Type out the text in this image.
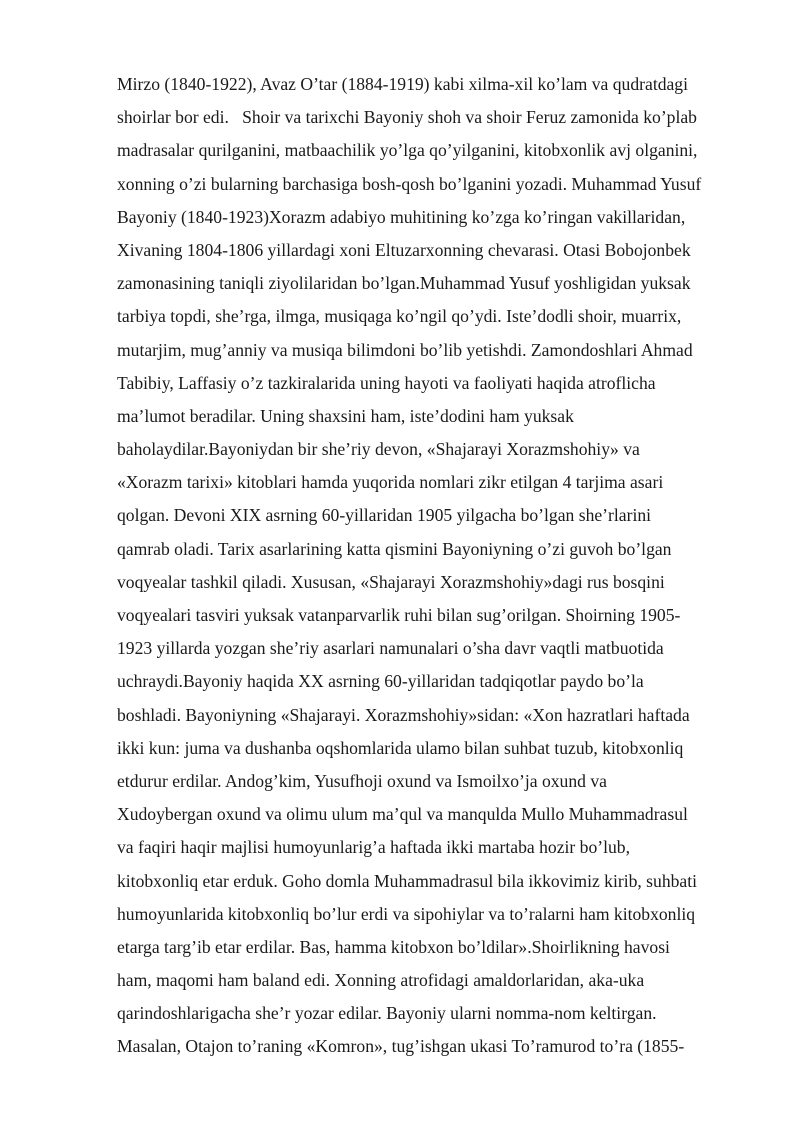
Mirzo (1840-1922), Avaz O’tar (1884-1919) kabi xilma-xil ko’lam va qudratdagi
shoirlar bor edi.   Shoir va tarixchi Bayoniy shoh va shoir Feruz zamonida ko’plab
madrasalar qurilganini, matbaachilik yo’lga qo’yilganini, kitobxonlik avj olganini,
xonning o’zi bularning barchasiga bosh-qosh bo’lganini yozadi. Muhammad Yusuf
Bayoniy (1840-1923)Xorazm adabiyo muhitining ko’zga ko’ringan vakillaridan,
Xivaning 1804-1806 yillardagi xoni Eltuzarxonning chevarasi. Otasi Bobojonbek
zamonasining taniqli ziyolilaridan bo’lgan.Muhammad Yusuf yoshligidan yuksak
tarbiya topdi, she’rga, ilmga, musiqaga ko’ngil qo’ydi. Iste’dodli shoir, muarrix,
mutarjim, mug’anniy va musiqa bilimdoni bo’lib yetishdi. Zamondoshlari Ahmad
Tabibiy, Laffasiy o’z tazkiralarida uning hayoti va faoliyati haqida atroflicha
ma’lumot beradilar. Uning shaxsini ham, iste’dodini ham yuksak
baholaydilar.Bayoniydan bir she’riy devon, «Shajarayi Xorazmshohiy» va
«Xorazm tarixi» kitoblari hamda yuqorida nomlari zikr etilgan 4 tarjima asari
qolgan. Devoni XIX asrning 60-yillaridan 1905 yilgacha bo’lgan she’rlarini
qamrab oladi. Tarix asarlarining katta qismini Bayoniyning o’zi guvoh bo’lgan
voqyealar tashkil qiladi. Xususan, «Shajarayi Xorazmshohiy»dagi rus bosqini
voqyealari tasviri yuksak vatanparvarlik ruhi bilan sug’orilgan. Shoirning 1905-
1923 yillarda yozgan she’riy asarlari namunalari o’sha davr vaqtli matbuotida
uchraydi.Bayoniy haqida XX asrning 60-yillaridan tadqiqotlar paydo bo’la
boshladi. Bayoniyning «Shajarayi. Xorazmshohiy»sidan: «Xon hazratlari haftada
ikki kun: juma va dushanba oqshomlarida ulamo bilan suhbat tuzub, kitobxonliq
etdurur erdilar. Andog’kim, Yusufhoji oxund va Ismoilxo’ja oxund va
Xudoybergan oxund va olimu ulum ma’qul va manqulda Mullo Muhammadrasul
va faqiri haqir majlisi humoyunlarig’a haftada ikki martaba hozir bo’lub,
kitobxonliq etar erduk. Goho domla Muhammadrasul bila ikkovimiz kirib, suhbati
humoyunlarida kitobxonliq bo’lur erdi va sipohiylar va to’ralarni ham kitobxonliq
etarga targ’ib etar erdilar. Bas, hamma kitobxon bo’ldilar».Shoirlikning havosi
ham, maqomi ham baland edi. Xonning atrofidagi amaldorlaridan, aka-uka
qarindoshlarigacha she’r yozar edilar. Bayoniy ularni nomma-nom keltirgan.
Masalan, Otajon to’raning «Komron», tug’ishgan ukasi To’ramurod to’ra (1855-
